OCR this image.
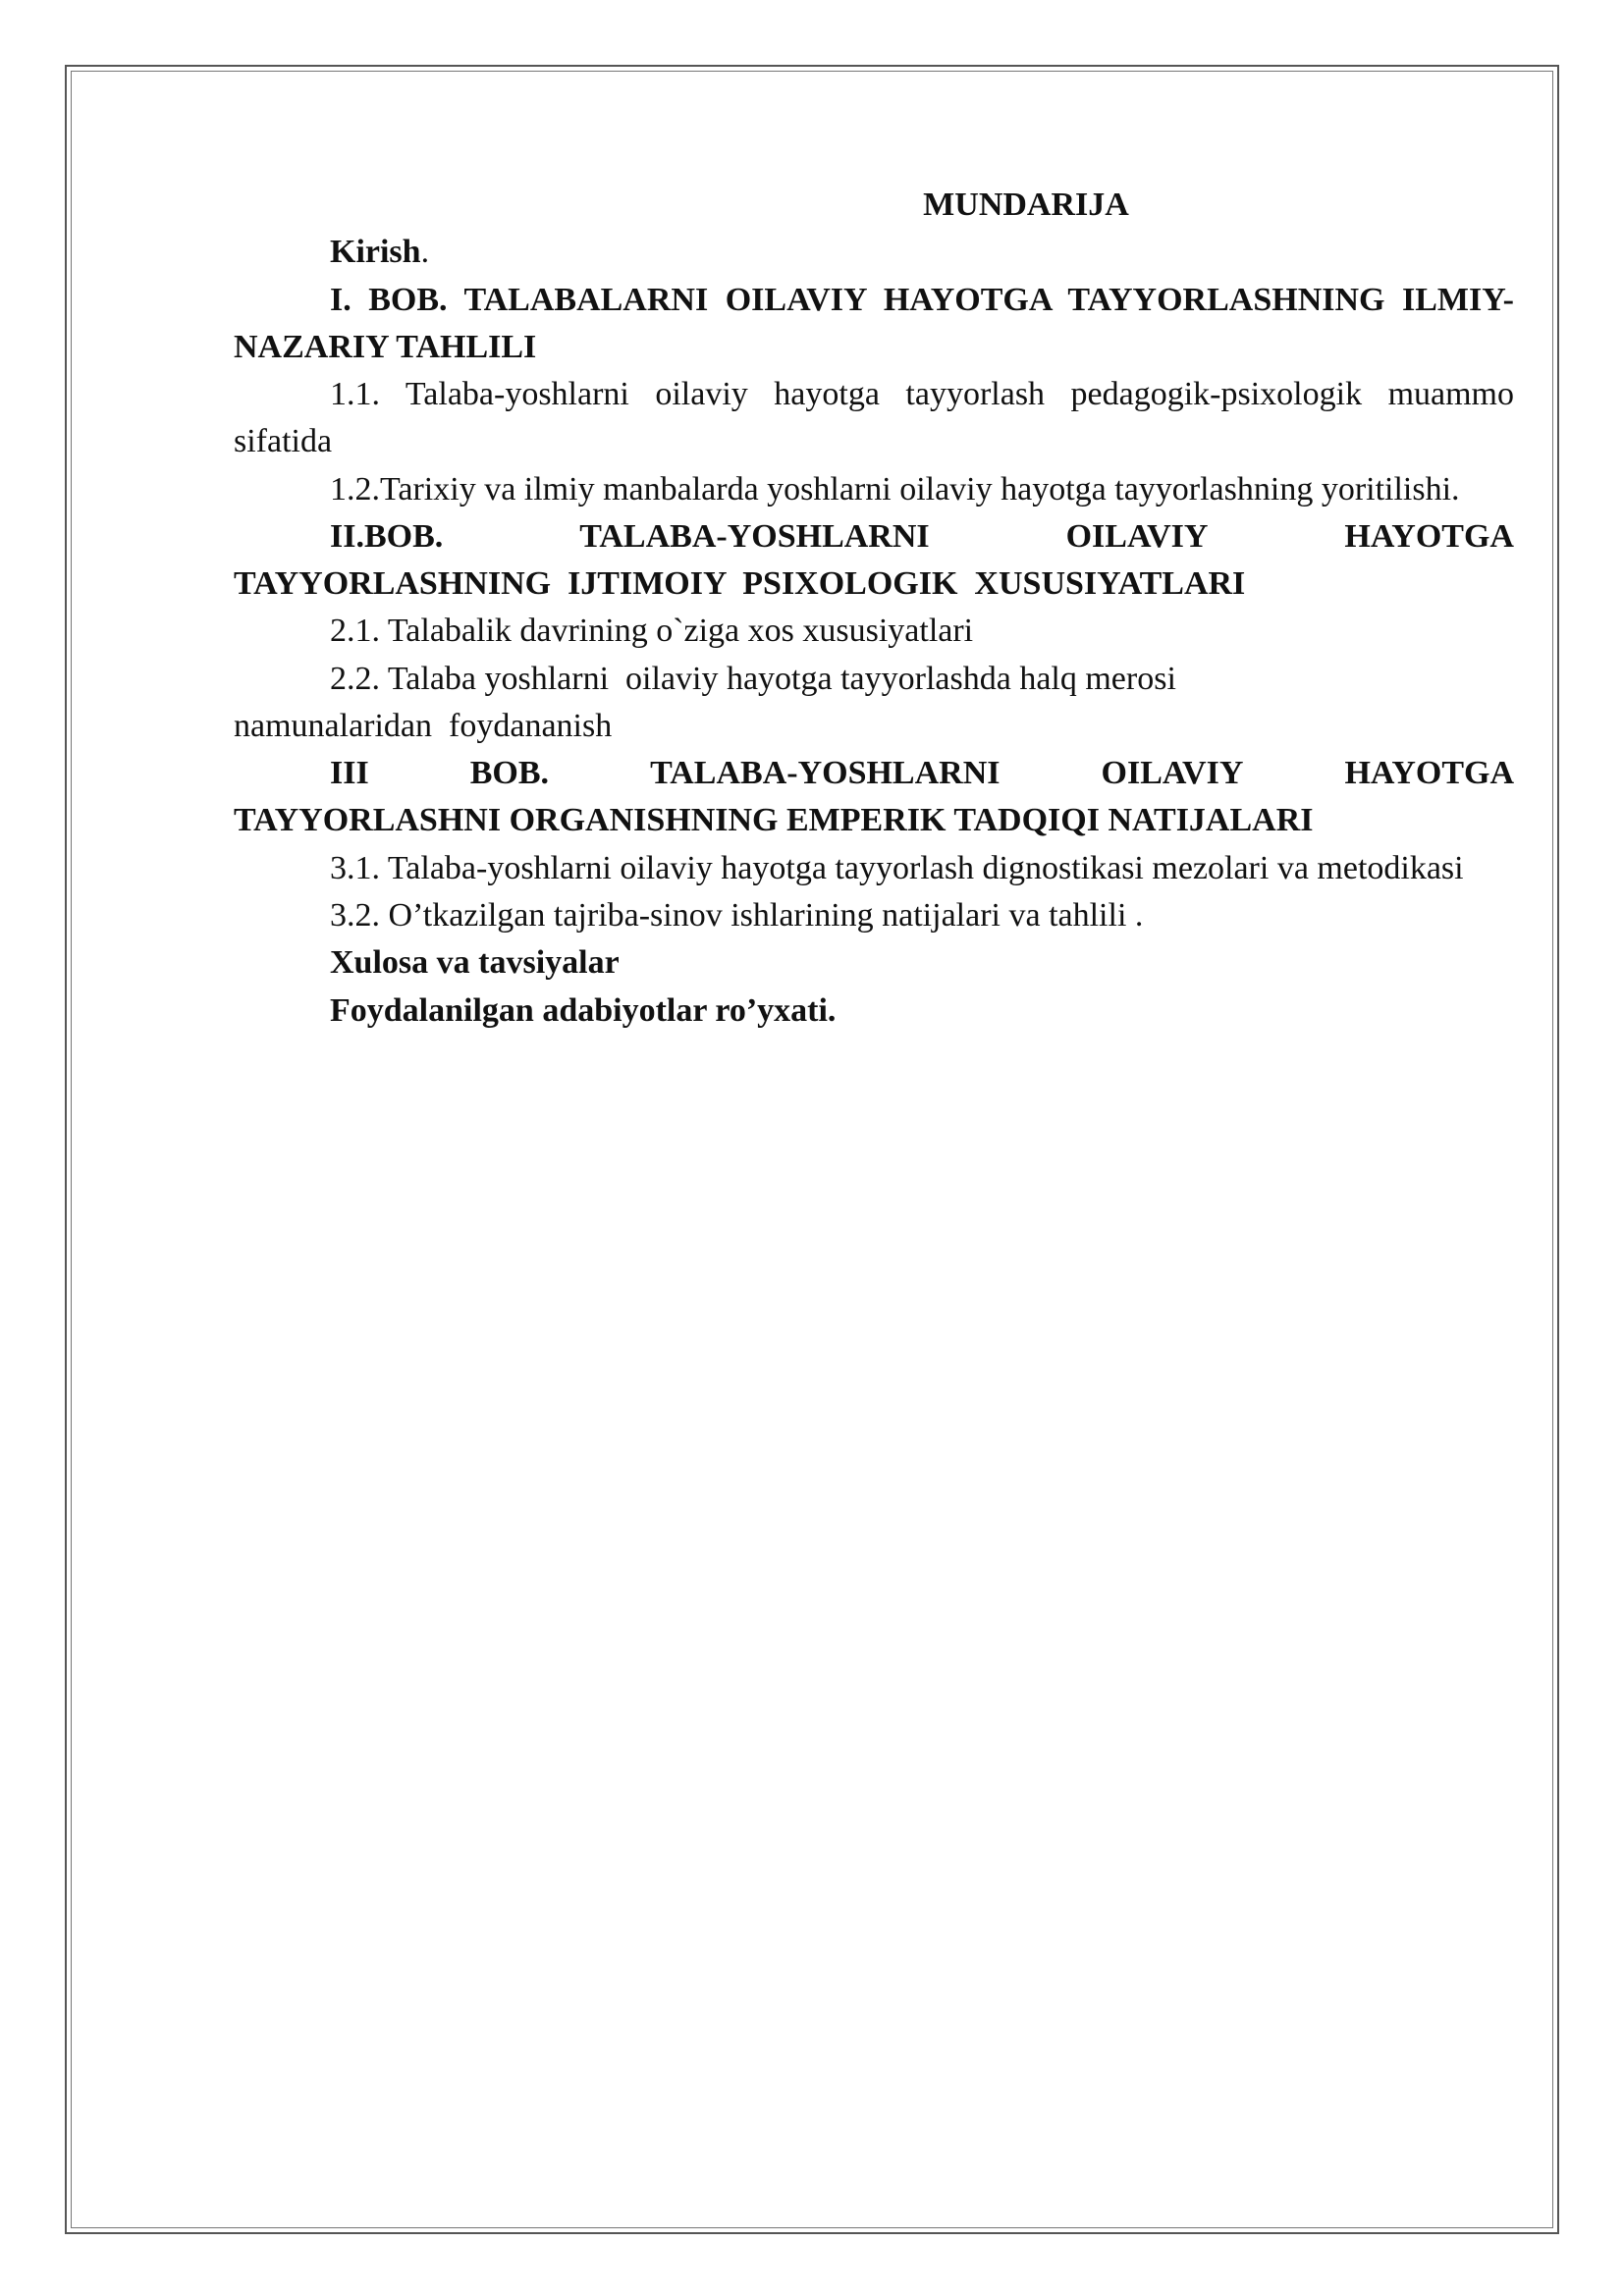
MUNDARIJA

Kirish.

I. BOB. TALABALARNI OILAVIY HAYOTGA TAYYORLASHNING ILMIY-NAZARIY TAHLILI

1.1. Talaba-yoshlarni oilaviy hayotga tayyorlash pedagogik-psixologik muammo sifatida

1.2.Tarixiy va ilmiy manbalarda yoshlarni oilaviy hayotga tayyorlashning yoritilishi.

II.BOB.	TALABA-YOSHLARNI	OILAVIY	HAYOTGA

TAYYORLASHNING  IJTIMOIY  PSIXOLOGIK  XUSUSIYATLARI

2.1. Talabalik davrining o`ziga xos xususiyatlari

2.2. Talaba yoshlarni  oilaviy hayotga tayyorlashda halq merosi

namunalaridan  foydananish

III	BOB.	TALABA-YOSHLARNI	OILAVIY	HAYOTGA

TAYYORLASHNI ORGANISHNING EMPERIK TADQIQI NATIJALARI

3.1. Talaba-yoshlarni oilaviy hayotga tayyorlash dignostikasi mezolari va metodikasi

3.2. O’tkazilgan tajriba-sinov ishlarining natijalari va tahlili .

Xulosa va tavsiyalar

Foydalanilgan adabiyotlar ro’yxati.
